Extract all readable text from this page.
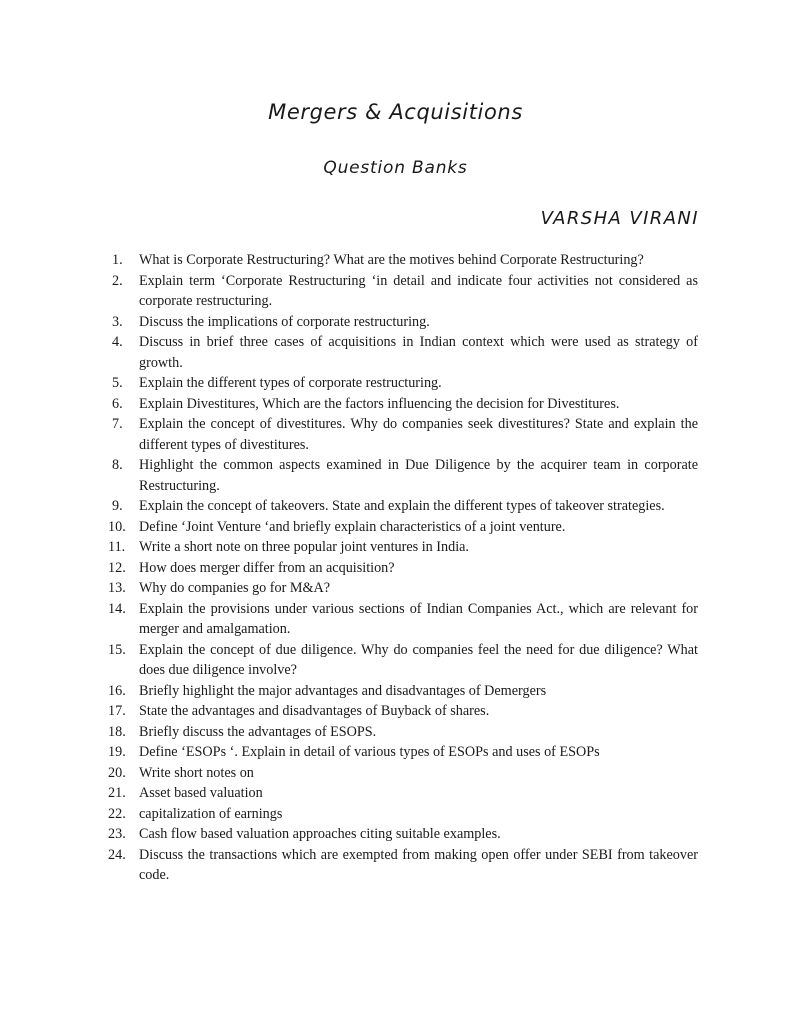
Mergers & Acquisitions
Question Banks
VARSHA VIRANI
1.	What is Corporate Restructuring? What are the motives behind Corporate Restructuring?
2.	Explain term ‘Corporate Restructuring ‘in detail and indicate four activities not considered as corporate restructuring.
3.	Discuss the implications of corporate restructuring.
4.	Discuss in brief three cases of acquisitions in Indian context which were used as strategy of growth.
5.	Explain the different types of corporate restructuring.
6.	Explain Divestitures, Which are the factors influencing the decision for Divestitures.
7.	Explain the concept of divestitures. Why do companies seek divestitures? State and explain the different types of divestitures.
8.	Highlight the common aspects examined in Due Diligence by the acquirer team in corporate Restructuring.
9.	Explain the concept of takeovers. State and explain the different types of takeover strategies.
10. Define ‘Joint Venture ‘and briefly explain characteristics of a joint venture.
11. Write a short note on three popular joint ventures in India.
12. How does merger differ from an acquisition?
13. Why do companies go for M&A?
14. Explain the provisions under various sections of Indian Companies Act., which are relevant for merger and amalgamation.
15. Explain the concept of due diligence. Why do companies feel the need for due diligence? What does due diligence involve?
16. Briefly highlight the major advantages and disadvantages of Demergers
17. State the advantages and disadvantages of Buyback of shares.
18. Briefly discuss the advantages of ESOPS.
19. Define ‘ESOPs ‘. Explain in detail of various types of ESOPs and uses of ESOPs
20. Write short notes on
21. Asset based valuation
22. capitalization of earnings
23. Cash flow based valuation approaches citing suitable examples.
24. Discuss the transactions which are exempted from making open offer under SEBI from takeover code.
